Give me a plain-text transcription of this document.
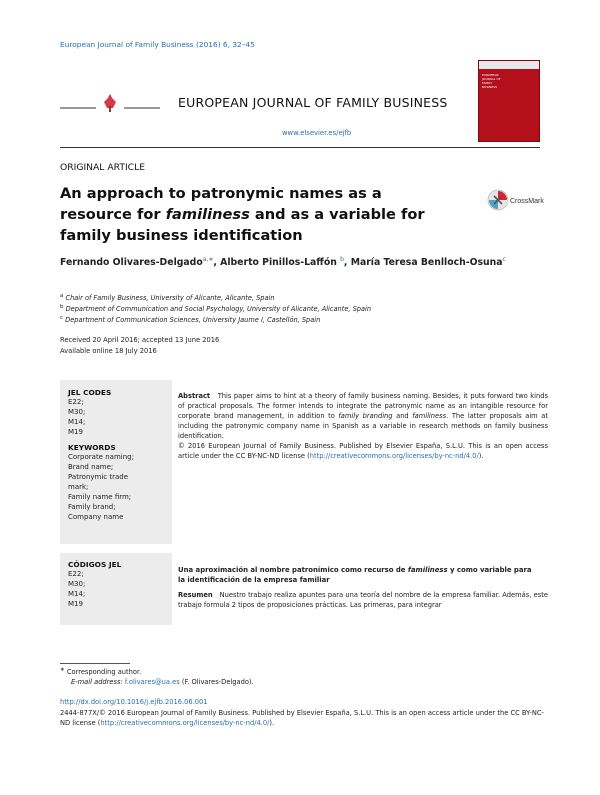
European Journal of Family Business (2016) 6, 32–45
EUROPEAN JOURNAL OF FAMILY BUSINESS
www.elsevier.es/ejfb
EUROPEAN
JOURNAL OF
FAMILY
BUSINESS
ORIGINAL ARTICLE
An approach to patronymic names as a resource for familiness and as a variable for family business identification
CrossMark
Fernando Olivares-Delgado$^{a,∗}$, Alberto Pinillos-Laffón $^b$, María Teresa Benlloch-Osuna$^c$
$^a$ Chair of Family Business, University of Alicante, Alicante, Spain
$^b$ Department of Communication and Social Psychology, University of Alicante, Alicante, Spain
$^c$ Department of Communication Sciences, University Jaume I, Castellón, Spain
Received 20 April 2016; accepted 13 June 2016
Available online 18 July 2016
JEL CODES
E22;
M30;
M14;
M19
KEYWORDS
Corporate naming;
Brand name;
Patronymic trade
mark;
Family name firm;
Family brand;
Company name
Abstract This paper aims to hint at a theory of family business naming. Besides, it puts forward two kinds of practical proposals. The former intends to integrate the patronymic name as an intangible resource for corporate brand management, in addition to family branding and familiness. The latter proposals aim at including the patronymic company name in Spanish as a variable in research methods on family business identification.
© 2016 European Journal of Family Business. Published by Elsevier España, S.L.U. This is an open access article under the CC BY-NC-ND license (http://creativecommons.org/licenses/by-nc-nd/4.0/).
CÓDIGOS JEL
E22;
M30;
M14;
M19
Una aproximación al nombre patronímico como recurso de familiness y como variable para la identificación de la empresa familiar
Resumen Nuestro trabajo realiza apuntes para una teoría del nombre de la empresa familiar. Además, este trabajo formula 2 tipos de proposiciones prácticas. Las primeras, para integrar
∗ Corresponding author.
E-mail address: f.olivares@ua.es (F. Olivares-Delgado).
http://dx.doi.org/10.1016/j.ejfb.2016.06.001
2444-877X/© 2016 European Journal of Family Business. Published by Elsevier España, S.L.U. This is an open access article under the CC BY-NC-ND license (http://creativecommons.org/licenses/by-nc-nd/4.0/).
